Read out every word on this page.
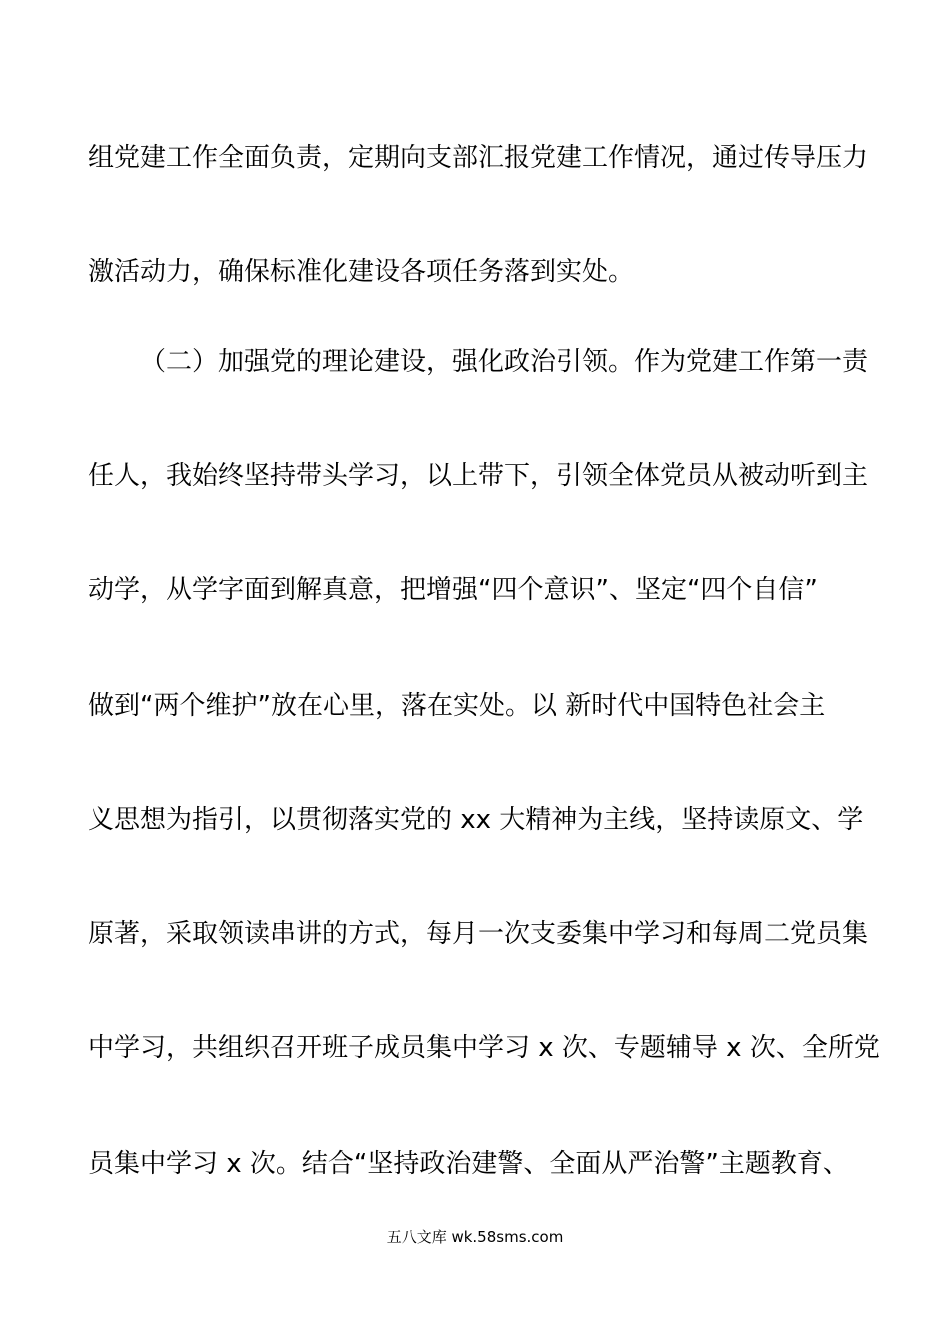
组党建工作全面负责，定期向支部汇报党建工作情况，通过传导压力
激活动力，确保标准化建设各项任务落到实处。
（二）加强党的理论建设，强化政治引领。作为党建工作第一责
任人，我始终坚持带头学习，以上带下，引领全体党员从被动听到主
动学，从学字面到解真意，把增强“四个意识”、坚定“四个自信”
做到“两个维护”放在心里，落在实处。以 新时代中国特色社会主
义思想为指引，以贯彻落实党的 xx 大精神为主线，坚持读原文、学
原著，采取领读串讲的方式，每月一次支委集中学习和每周二党员集
中学习，共组织召开班子成员集中学习 x 次、专题辅导 x 次、全所党
员集中学习 x 次。结合“坚持政治建警、全面从严治警”主题教育、
五八文库 wk.58sms.com
